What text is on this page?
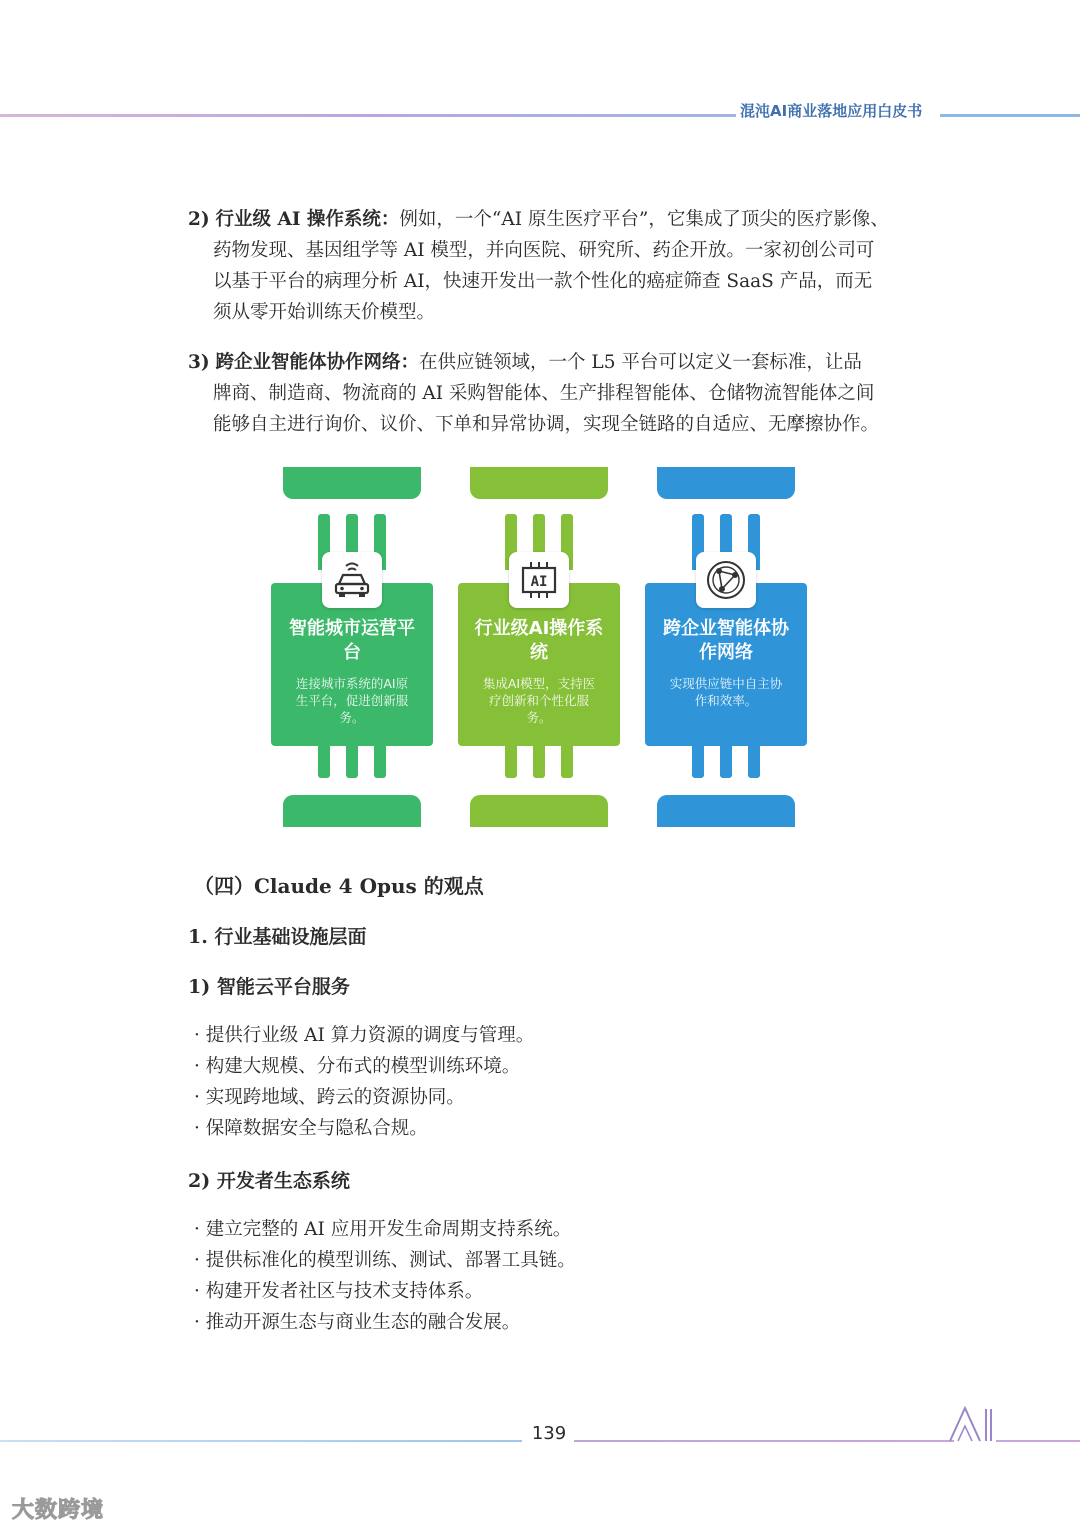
混沌AI商业落地应用白皮书
2) 行业级 AI 操作系统：例如，一个“AI 原生医疗平台”，它集成了顶尖的医疗影像、
药物发现、基因组学等 AI 模型，并向医院、研究所、药企开放。一家初创公司可
以基于平台的病理分析 AI，快速开发出一款个性化的癌症筛查 SaaS 产品，而无
须从零开始训练天价模型。
3) 跨企业智能体协作网络：在供应链领域，一个 L5 平台可以定义一套标准，让品
牌商、制造商、物流商的 AI 采购智能体、生产排程智能体、仓储物流智能体之间
能够自主进行询价、议价、下单和异常协调，实现全链路的自适应、无摩擦协作。
智能城市运营平
台
连接城市系统的AI原
生平台，促进创新服
务。
行业级AI操作系
统
集成AI模型，支持医
疗创新和个性化服
务。
AI
跨企业智能体协
作网络
实现供应链中自主协
作和效率。
（四）Claude 4 Opus 的观点
1. 行业基础设施层面
1) 智能云平台服务
· 提供行业级 AI 算力资源的调度与管理。
· 构建大规模、分布式的模型训练环境。
· 实现跨地域、跨云的资源协同。
· 保障数据安全与隐私合规。
2) 开发者生态系统
· 建立完整的 AI 应用开发生命周期支持系统。
· 提供标准化的模型训练、测试、部署工具链。
· 构建开发者社区与技术支持体系。
· 推动开源生态与商业生态的融合发展。
139
大数跨境
